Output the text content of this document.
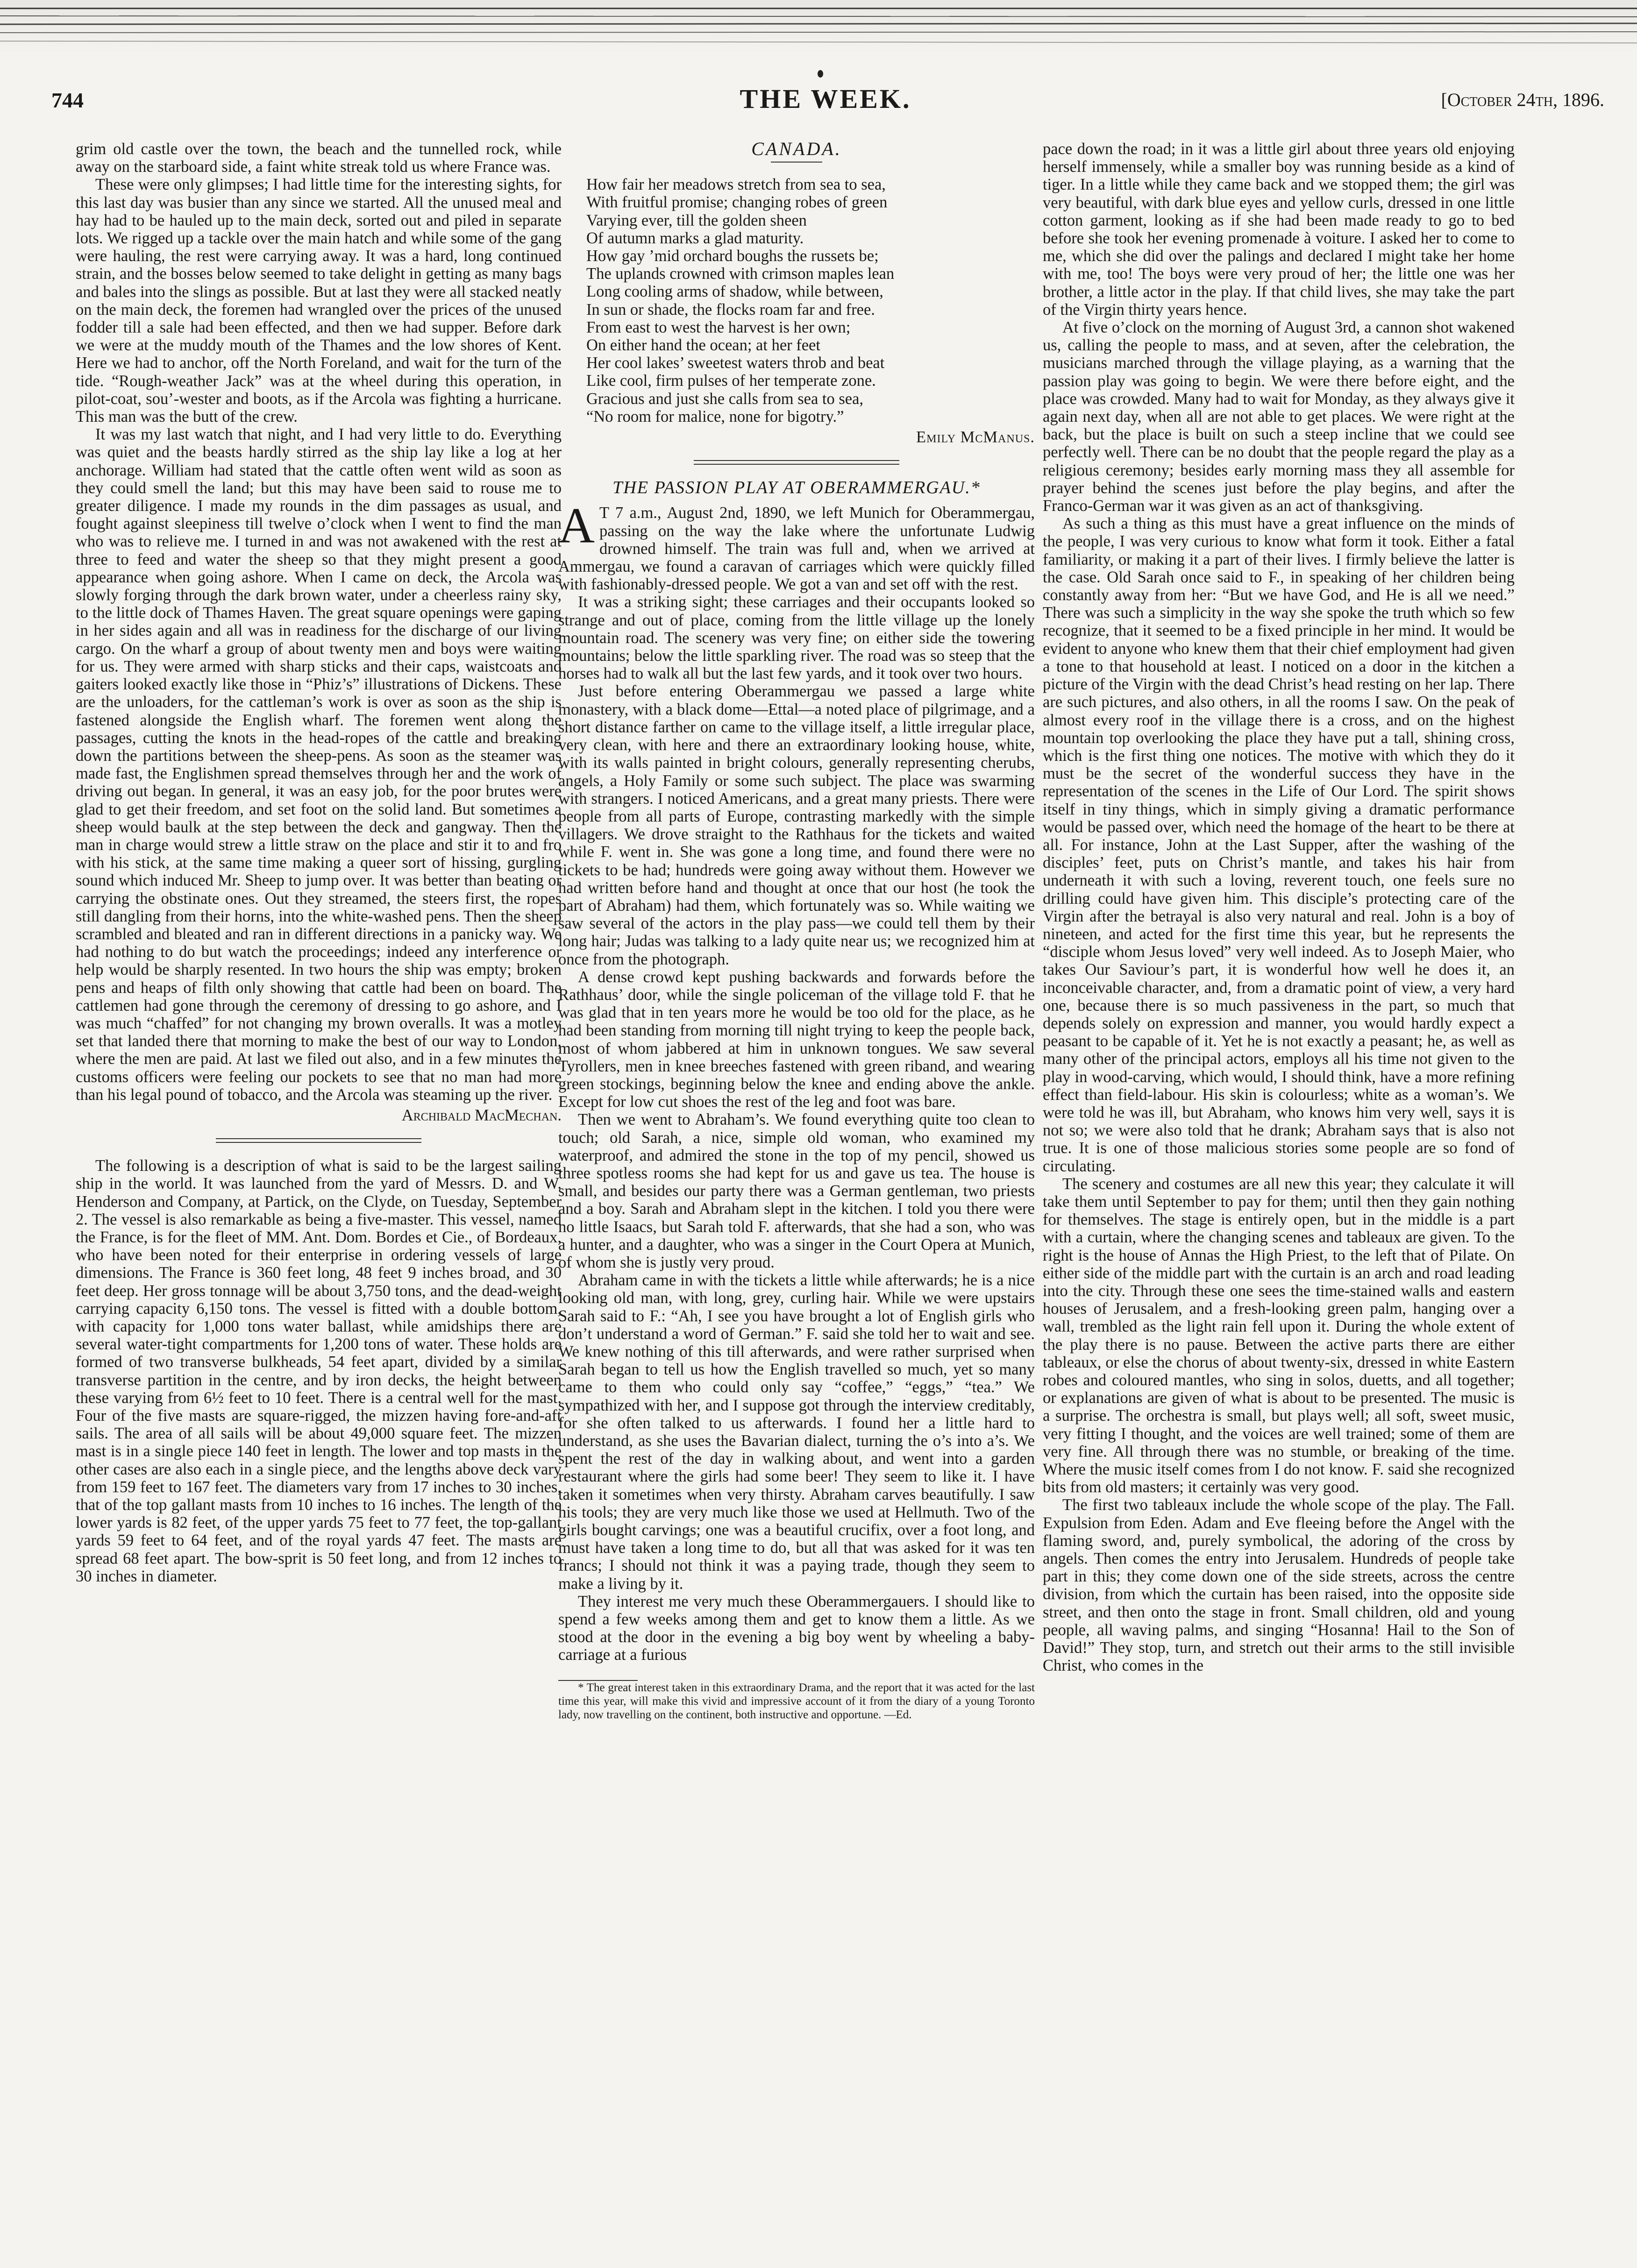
744	THE WEEK.	[October 24th, 1896.

grim old castle over the town, the beach and the tunnelled rock, while away on the starboard side, a faint white streak told us where France was.

These were only glimpses; I had little time for the interesting sights, for this last day was busier than any since we started. All the unused meal and hay had to be hauled up to the main deck, sorted out and piled in separate lots. We rigged up a tackle over the main hatch and while some of the gang were hauling, the rest were carrying away. It was a hard, long continued strain, and the bosses below seemed to take delight in getting as many bags and bales into the slings as possible. But at last they were all stacked neatly on the main deck, the foremen had wrangled over the prices of the unused fodder till a sale had been effected, and then we had supper. Before dark we were at the muddy mouth of the Thames and the low shores of Kent. Here we had to anchor, off the North Foreland, and wait for the turn of the tide. “Rough-weather Jack” was at the wheel during this operation, in pilot-coat, sou’-wester and boots, as if the Arcola was fighting a hurricane. This man was the butt of the crew.

It was my last watch that night, and I had very little to do. Everything was quiet and the beasts hardly stirred as the ship lay like a log at her anchorage. William had stated that the cattle often went wild as soon as they could smell the land; but this may have been said to rouse me to greater diligence. I made my rounds in the dim passages as usual, and fought against sleepiness till twelve o’clock when I went to find the man who was to relieve me. I turned in and was not awakened with the rest at three to feed and water the sheep so that they might present a good appearance when going ashore. When I came on deck, the Arcola was slowly forging through the dark brown water, under a cheerless rainy sky, to the little dock of Thames Haven. The great square openings were gaping in her sides again and all was in readiness for the discharge of our living cargo. On the wharf a group of about twenty men and boys were waiting for us. They were armed with sharp sticks and their caps, waistcoats and gaiters looked exactly like those in “Phiz’s” illustrations of Dickens. These are the unloaders, for the cattleman’s work is over as soon as the ship is fastened alongside the English wharf. The foremen went along the passages, cutting the knots in the head-ropes of the cattle and breaking down the partitions between the sheep-pens. As soon as the steamer was made fast, the Englishmen spread themselves through her and the work of driving out began. In general, it was an easy job, for the poor brutes were glad to get their freedom, and set foot on the solid land. But sometimes a sheep would baulk at the step between the deck and gangway. Then the man in charge would strew a little straw on the place and stir it to and fro with his stick, at the same time making a queer sort of hissing, gurgling sound which induced Mr. Sheep to jump over. It was better than beating or carrying the obstinate ones. Out they streamed, the steers first, the ropes still dangling from their horns, into the white-washed pens. Then the sheep scrambled and bleated and ran in different directions in a panicky way. We had nothing to do but watch the proceedings; indeed any interference or help would be sharply resented. In two hours the ship was empty; broken pens and heaps of filth only showing that cattle had been on board. The cattlemen had gone through the ceremony of dressing to go ashore, and I was much “chaffed” for not changing my brown overalls. It was a motley set that landed there that morning to make the best of our way to London, where the men are paid. At last we filed out also, and in a few minutes the customs officers were feeling our pockets to see that no man had more than his legal pound of tobacco, and the Arcola was steaming up the river.

Archibald MacMechan.

The following is a description of what is said to be the largest sailing ship in the world. It was launched from the yard of Messrs. D. and W. Henderson and Company, at Partick, on the Clyde, on Tuesday, September 2. The vessel is also remarkable as being a five-master. This vessel, named the France, is for the fleet of MM. Ant. Dom. Bordes et Cie., of Bordeaux, who have been noted for their enterprise in ordering vessels of large dimensions. The France is 360 feet long, 48 feet 9 inches broad, and 30 feet deep. Her gross tonnage will be about 3,750 tons, and the dead-weight carrying capacity 6,150 tons. The vessel is fitted with a double bottom, with capacity for 1,000 tons water ballast, while amidships there are several water-tight compartments for 1,200 tons of water. These holds are formed of two transverse bulkheads, 54 feet apart, divided by a similar transverse partition in the centre, and by iron decks, the height between these varying from 6½ feet to 10 feet. There is a central well for the mast. Four of the five masts are square-rigged, the mizzen having fore-and-aft sails. The area of all sails will be about 49,000 square feet. The mizzen mast is in a single piece 140 feet in length. The lower and top masts in the other cases are also each in a single piece, and the lengths above deck vary from 159 feet to 167 feet. The diameters vary from 17 inches to 30 inches, that of the top gallant masts from 10 inches to 16 inches. The length of the lower yards is 82 feet, of the upper yards 75 feet to 77 feet, the top-gallant yards 59 feet to 64 feet, and of the royal yards 47 feet. The masts are spread 68 feet apart. The bow-sprit is 50 feet long, and from 12 inches to 30 inches in diameter.

CANADA.
How fair her meadows stretch from sea to sea,
With fruitful promise; changing robes of green
Varying ever, till the golden sheen
Of autumn marks a glad maturity.
How gay ’mid orchard boughs the russets be;
The uplands crowned with crimson maples lean
Long cooling arms of shadow, while between,
In sun or shade, the flocks roam far and free.
From east to west the harvest is her own;
On either hand the ocean; at her feet
Her cool lakes’ sweetest waters throb and beat
Like cool, firm pulses of her temperate zone.
Gracious and just she calls from sea to sea,
“No room for malice, none for bigotry.”
Emily McManus.
THE PASSION PLAY AT OBERAMMERGAU.*

A T 7 a.m., August 2nd, 1890, we left Munich for Oberammergau, passing on the way the lake where the unfortunate Ludwig drowned himself. The train was full and, when we arrived at Ammergau, we found a caravan of carriages which were quickly filled with fashionably-dressed people. We got a van and set off with the rest.

It was a striking sight; these carriages and their occupants looked so strange and out of place, coming from the little village up the lonely mountain road. The scenery was very fine; on either side the towering mountains; below the little sparkling river. The road was so steep that the horses had to walk all but the last few yards, and it took over two hours.

Just before entering Oberammergau we passed a large white monastery, with a black dome—Ettal—a noted place of pilgrimage, and a short distance farther on came to the village itself, a little irregular place, very clean, with here and there an extraordinary looking house, white, with its walls painted in bright colours, generally representing cherubs, angels, a Holy Family or some such subject. The place was swarming with strangers. I noticed Americans, and a great many priests. There were people from all parts of Europe, contrasting markedly with the simple villagers. We drove straight to the Rathhaus for the tickets and waited while F. went in. She was gone a long time, and found there were no tickets to be had; hundreds were going away without them. However we had written before hand and thought at once that our host (he took the part of Abraham) had them, which fortunately was so. While waiting we saw several of the actors in the play pass—we could tell them by their long hair; Judas was talking to a lady quite near us; we recognized him at once from the photograph.

A dense crowd kept pushing backwards and forwards before the Rathhaus’ door, while the single policeman of the village told F. that he was glad that in ten years more he would be too old for the place, as he had been standing from morning till night trying to keep the people back, most of whom jabbered at him in unknown tongues. We saw several Tyrollers, men in knee breeches fastened with green riband, and wearing green stockings, beginning below the knee and ending above the ankle. Except for low cut shoes the rest of the leg and foot was bare.

Then we went to Abraham’s. We found everything quite too clean to touch; old Sarah, a nice, simple old woman, who examined my waterproof, and admired the stone in the top of my pencil, showed us three spotless rooms she had kept for us and gave us tea. The house is small, and besides our party there was a German gentleman, two priests and a boy. Sarah and Abraham slept in the kitchen. I told you there were no little Isaacs, but Sarah told F. afterwards, that she had a son, who was a hunter, and a daughter, who was a singer in the Court Opera at Munich, of whom she is justly very proud.

Abraham came in with the tickets a little while afterwards; he is a nice looking old man, with long, grey, curling hair. While we were upstairs Sarah said to F.: “Ah, I see you have brought a lot of English girls who don’t understand a word of German.” F. said she told her to wait and see. We knew nothing of this till afterwards, and were rather surprised when Sarah began to tell us how the English travelled so much, yet so many came to them who could only say “coffee,” “eggs,” “tea.” We sympathized with her, and I suppose got through the interview creditably, for she often talked to us afterwards. I found her a little hard to understand, as she uses the Bavarian dialect, turning the o’s into a’s. We spent the rest of the day in walking about, and went into a garden restaurant where the girls had some beer! They seem to like it. I have taken it sometimes when very thirsty. Abraham carves beautifully. I saw his tools; they are very much like those we used at Hellmuth. Two of the girls bought carvings; one was a beautiful crucifix, over a foot long, and must have taken a long time to do, but all that was asked for it was ten francs; I should not think it was a paying trade, though they seem to make a living by it.

They interest me very much these Oberammergauers. I should like to spend a few weeks among them and get to know them a little. As we stood at the door in the evening a big boy went by wheeling a baby-carriage at a furious

* The great interest taken in this extraordinary Drama, and the report that it was acted for the last time this year, will make this vivid and impressive account of it from the diary of a young Toronto lady, now travelling on the continent, both instructive and opportune. —Ed.

pace down the road; in it was a little girl about three years old enjoying herself immensely, while a smaller boy was running beside as a kind of tiger. In a little while they came back and we stopped them; the girl was very beautiful, with dark blue eyes and yellow curls, dressed in one little cotton garment, looking as if she had been made ready to go to bed before she took her evening promenade à voiture. I asked her to come to me, which she did over the palings and declared I might take her home with me, too! The boys were very proud of her; the little one was her brother, a little actor in the play. If that child lives, she may take the part of the Virgin thirty years hence.

At five o’clock on the morning of August 3rd, a cannon shot wakened us, calling the people to mass, and at seven, after the celebration, the musicians marched through the village playing, as a warning that the passion play was going to begin. We were there before eight, and the place was crowded. Many had to wait for Monday, as they always give it again next day, when all are not able to get places. We were right at the back, but the place is built on such a steep incline that we could see perfectly well. There can be no doubt that the people regard the play as a religious ceremony; besides early morning mass they all assemble for prayer behind the scenes just before the play begins, and after the Franco-German war it was given as an act of thanksgiving.

As such a thing as this must have a great influence on the minds of the people, I was very curious to know what form it took. Either a fatal familiarity, or making it a part of their lives. I firmly believe the latter is the case. Old Sarah once said to F., in speaking of her children being constantly away from her: “But we have God, and He is all we need.” There was such a simplicity in the way she spoke the truth which so few recognize, that it seemed to be a fixed principle in her mind. It would be evident to anyone who knew them that their chief employment had given a tone to that household at least. I noticed on a door in the kitchen a picture of the Virgin with the dead Christ’s head resting on her lap. There are such pictures, and also others, in all the rooms I saw. On the peak of almost every roof in the village there is a cross, and on the highest mountain top overlooking the place they have put a tall, shining cross, which is the first thing one notices. The motive with which they do it must be the secret of the wonderful success they have in the representation of the scenes in the Life of Our Lord. The spirit shows itself in tiny things, which in simply giving a dramatic performance would be passed over, which need the homage of the heart to be there at all. For instance, John at the Last Supper, after the washing of the disciples’ feet, puts on Christ’s mantle, and takes his hair from underneath it with such a loving, reverent touch, one feels sure no drilling could have given him. This disciple’s protecting care of the Virgin after the betrayal is also very natural and real. John is a boy of nineteen, and acted for the first time this year, but he represents the “disciple whom Jesus loved” very well indeed. As to Joseph Maier, who takes Our Saviour’s part, it is wonderful how well he does it, an inconceivable character, and, from a dramatic point of view, a very hard one, because there is so much passiveness in the part, so much that depends solely on expression and manner, you would hardly expect a peasant to be capable of it. Yet he is not exactly a peasant; he, as well as many other of the principal actors, employs all his time not given to the play in wood-carving, which would, I should think, have a more refining effect than field-labour. His skin is colourless; white as a woman’s. We were told he was ill, but Abraham, who knows him very well, says it is not so; we were also told that he drank; Abraham says that is also not true. It is one of those malicious stories some people are so fond of circulating.

The scenery and costumes are all new this year; they calculate it will take them until September to pay for them; until then they gain nothing for themselves. The stage is entirely open, but in the middle is a part with a curtain, where the changing scenes and tableaux are given. To the right is the house of Annas the High Priest, to the left that of Pilate. On either side of the middle part with the curtain is an arch and road leading into the city. Through these one sees the time-stained walls and eastern houses of Jerusalem, and a fresh-looking green palm, hanging over a wall, trembled as the light rain fell upon it. During the whole extent of the play there is no pause. Between the active parts there are either tableaux, or else the chorus of about twenty-six, dressed in white Eastern robes and coloured mantles, who sing in solos, duetts, and all together; or explanations are given of what is about to be presented. The music is a surprise. The orchestra is small, but plays well; all soft, sweet music, very fitting I thought, and the voices are well trained; some of them are very fine. All through there was no stumble, or breaking of the time. Where the music itself comes from I do not know. F. said she recognized bits from old masters; it certainly was very good.

The first two tableaux include the whole scope of the play. The Fall. Expulsion from Eden. Adam and Eve fleeing before the Angel with the flaming sword, and, purely symbolical, the adoring of the cross by angels. Then comes the entry into Jerusalem. Hundreds of people take part in this; they come down one of the side streets, across the centre division, from which the curtain has been raised, into the opposite side street, and then onto the stage in front. Small children, old and young people, all waving palms, and singing “Hosanna! Hail to the Son of David!” They stop, turn, and stretch out their arms to the still invisible Christ, who comes in the
